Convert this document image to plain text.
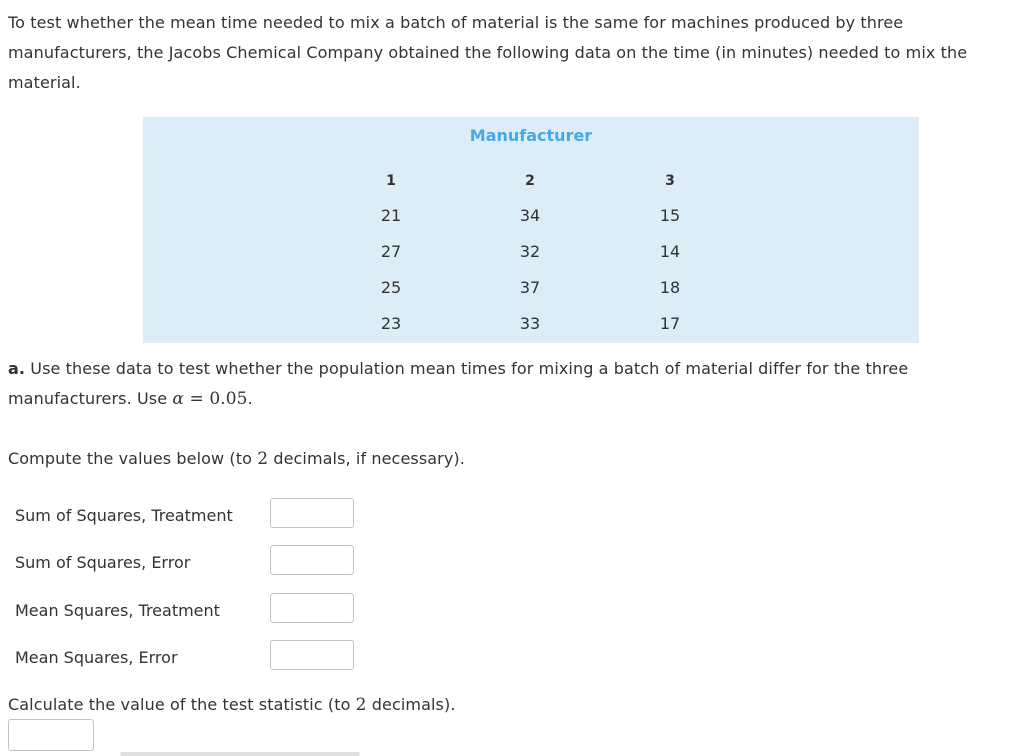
To test whether the mean time needed to mix a batch of material is the same for machines produced by three
manufacturers, the Jacobs Chemical Company obtained the following data on the time (in minutes) needed to mix the
material.
Manufacturer
1
21
27
25
23
2
34
32
37
33
3
15
14
18
17
a. Use these data to test whether the population mean times for mixing a batch of material differ for the three
manufacturers. Use α = 0.05.
Compute the values below (to 2 decimals, if necessary).
Sum of Squares, Treatment
Sum of Squares, Error
Mean Squares, Treatment
Mean Squares, Error
Calculate the value of the test statistic (to 2 decimals).
